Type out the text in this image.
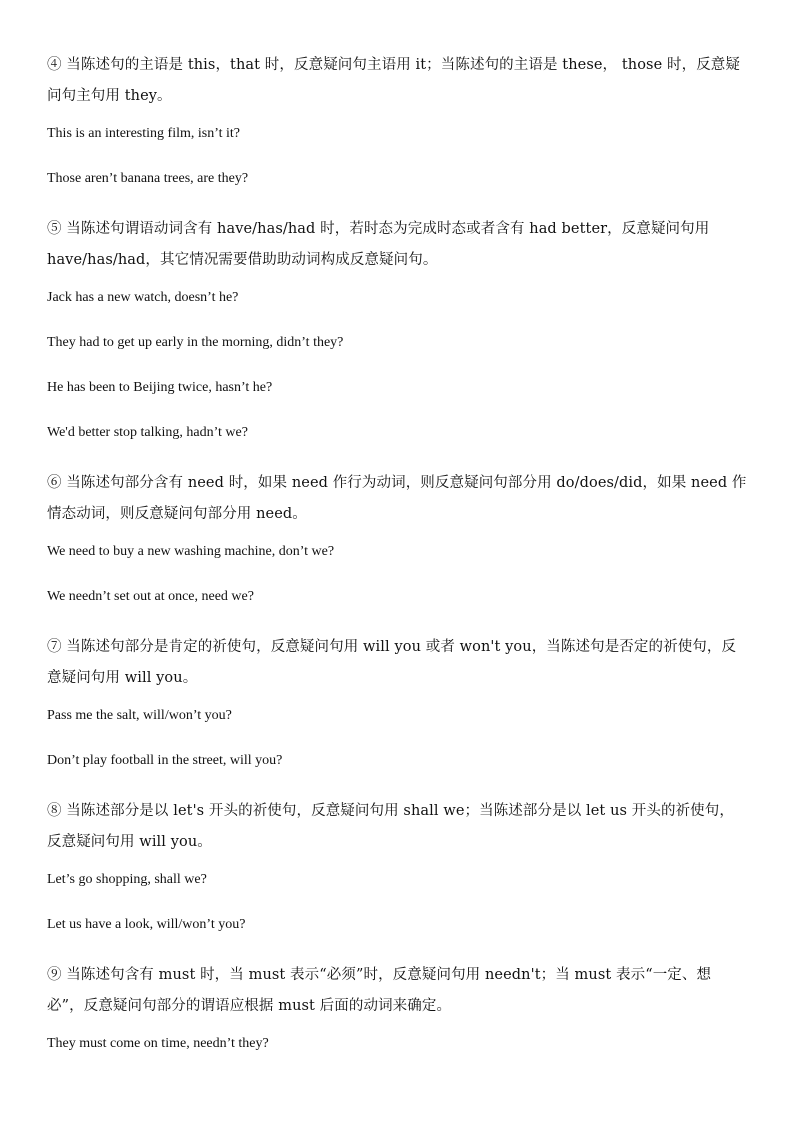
④ 当陈述句的主语是 this，that 时，反意疑问句主语用 it；当陈述句的主语是 these， those 时，反意疑问句主句用 they。

This is an interesting film, isn’t it?

Those aren’t banana trees, are they?

⑤ 当陈述句谓语动词含有 have/has/had 时，若时态为完成时态或者含有 had better，反意疑问句用 have/has/had，其它情况需要借助助动词构成反意疑问句。

Jack has a new watch, doesn’t he?

They had to get up early in the morning, didn’t they?

He has been to Beijing twice, hasn’t he?

We'd better stop talking, hadn’t we?

⑥ 当陈述句部分含有 need 时，如果 need 作行为动词，则反意疑问句部分用 do/does/did，如果 need 作情态动词，则反意疑问句部分用 need。

We need to buy a new washing machine, don’t we?

We needn’t set out at once, need we?

⑦ 当陈述句部分是肯定的祈使句，反意疑问句用 will you 或者 won't you，当陈述句是否定的祈使句，反意疑问句用 will you。

Pass me the salt, will/won’t you?

Don’t play football in the street, will you?

⑧ 当陈述部分是以 let's 开头的祈使句，反意疑问句用 shall we；当陈述部分是以 let us 开头的祈使句，反意疑问句用 will you。

Let’s go shopping, shall we?

Let us have a look, will/won’t you?

⑨ 当陈述句含有 must 时，当 must 表示“必须”时，反意疑问句用 needn't；当 must 表示“一定、想必”，反意疑问句部分的谓语应根据 must 后面的动词来确定。

They must come on time, needn’t they?
